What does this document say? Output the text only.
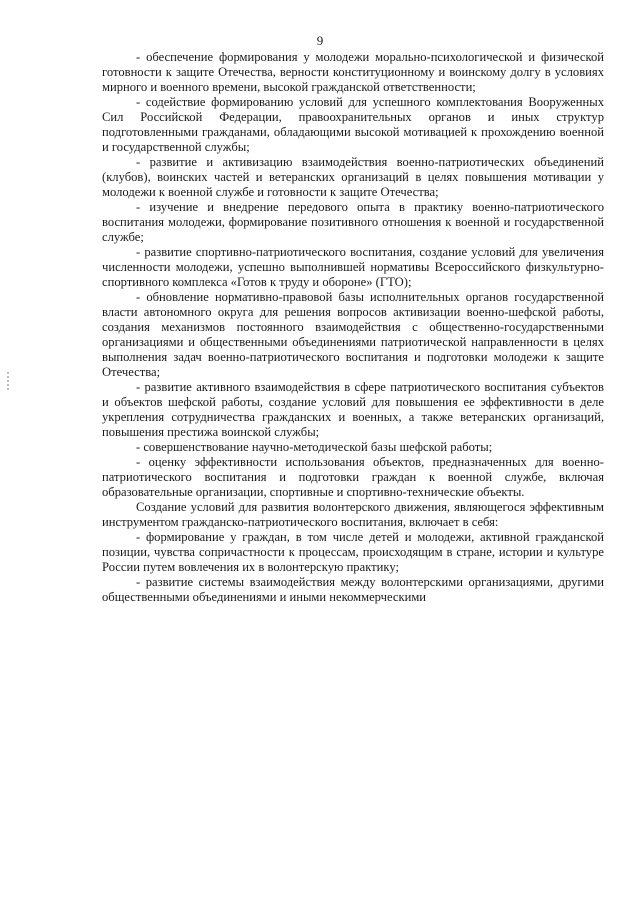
9

- обеспечение формирования у молодежи морально-психологической и физической готовности к защите Отечества, верности конституционному и воинскому долгу в условиях мирного и военного времени, высокой гражданской ответственности;

- содействие формированию условий для успешного комплектования Вооруженных Сил Российской Федерации, правоохранительных органов и иных структур подготовленными гражданами, обладающими высокой мотивацией к прохождению военной и государственной службы;

- развитие и активизацию взаимодействия военно-патриотических объединений (клубов), воинских частей и ветеранских организаций в целях повышения мотивации у молодежи к военной службе и готовности к защите Отечества;

- изучение и внедрение передового опыта в практику военно-патриотического воспитания молодежи, формирование позитивного отношения к военной и государственной службе;

- развитие спортивно-патриотического воспитания, создание условий для увеличения численности молодежи, успешно выполнившей нормативы Всероссийского физкультурно-спортивного комплекса «Готов к труду и обороне» (ГТО);

- обновление нормативно-правовой базы исполнительных органов государственной власти автономного округа для решения вопросов активизации военно-шефской работы, создания механизмов постоянного взаимодействия с общественно-государственными организациями и общественными объединениями патриотической направленности в целях выполнения задач военно-патриотического воспитания и подготовки молодежи к защите Отечества;

- развитие активного взаимодействия в сфере патриотического воспитания субъектов и объектов шефской работы, создание условий для повышения ее эффективности в деле укрепления сотрудничества гражданских и военных, а также ветеранских организаций, повышения престижа воинской службы;

- совершенствование научно-методической базы шефской работы;

- оценку эффективности использования объектов, предназначенных для военно-патриотического воспитания и подготовки граждан к военной службе, включая образовательные организации, спортивные и спортивно-технические объекты.

Создание условий для развития волонтерского движения, являющегося эффективным инструментом гражданско-патриотического воспитания, включает в себя:

- формирование у граждан, в том числе детей и молодежи, активной гражданской позиции, чувства сопричастности к процессам, происходящим в стране, истории и культуре России путем вовлечения их в волонтерскую практику;

- развитие системы взаимодействия между волонтерскими организациями, другими общественными объединениями и иными некоммерческими
